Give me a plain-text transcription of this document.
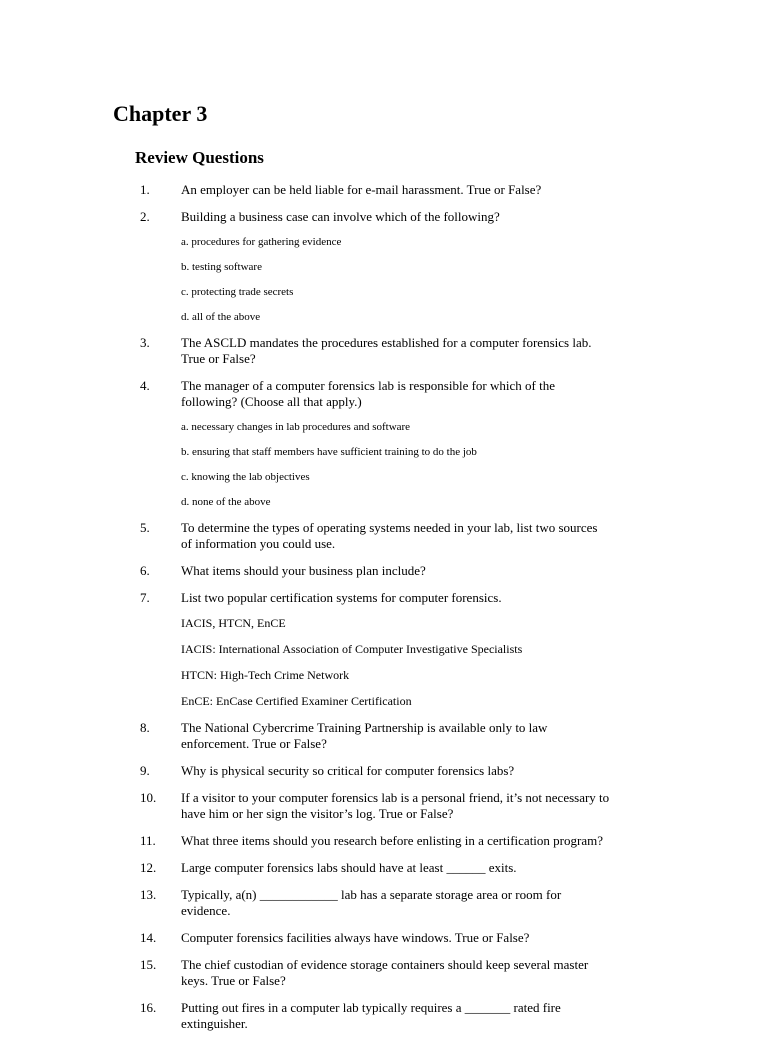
Chapter 3
Review Questions
1. An employer can be held liable for e-mail harassment. True or False?
2. Building a business case can involve which of the following?
a. procedures for gathering evidence
b. testing software
c. protecting trade secrets
d. all of the above
3. The ASCLD mandates the procedures established for a computer forensics lab. True or False?
4. The manager of a computer forensics lab is responsible for which of the following? (Choose all that apply.)
a. necessary changes in lab procedures and software
b. ensuring that staff members have sufficient training to do the job
c. knowing the lab objectives
d. none of the above
5. To determine the types of operating systems needed in your lab, list two sources of information you could use.
6. What items should your business plan include?
7. List two popular certification systems for computer forensics.
IACIS, HTCN, EnCE
IACIS: International Association of Computer Investigative Specialists
HTCN: High-Tech Crime Network
EnCE: EnCase Certified Examiner Certification
8. The National Cybercrime Training Partnership is available only to law enforcement. True or False?
9. Why is physical security so critical for computer forensics labs?
10. If a visitor to your computer forensics lab is a personal friend, it’s not necessary to have him or her sign the visitor’s log. True or False?
11. What three items should you research before enlisting in a certification program?
12. Large computer forensics labs should have at least ______ exits.
13. Typically, a(n) ____________ lab has a separate storage area or room for evidence.
14. Computer forensics facilities always have windows. True or False?
15. The chief custodian of evidence storage containers should keep several master keys. True or False?
16. Putting out fires in a computer lab typically requires a _______ rated fire extinguisher.
